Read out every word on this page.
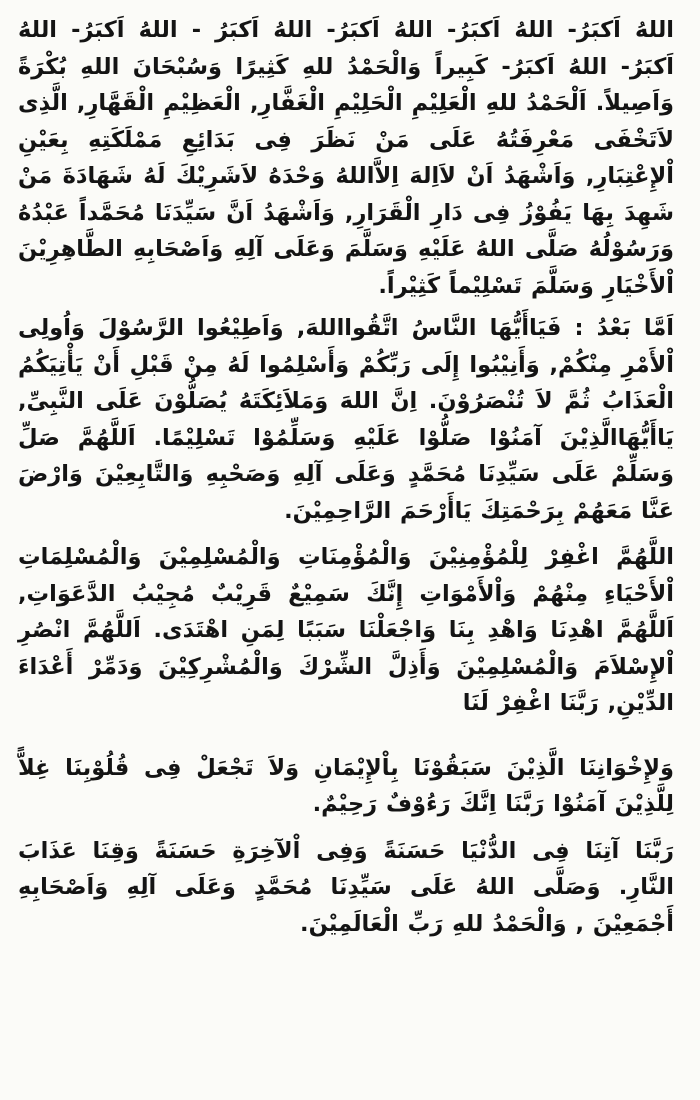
اللهُ اَكبَرُ- اللهُ اَكبَرُ- اللهُ اَكبَرُ- اللهُ اَكبَرُ - اللهُ اَكبَرُ- اللهُ اَكبَرُ- اللهُ اَكبَرُ- كَبِيراً وَالْحَمْدُ للهِ كَثِيرًا وَسُبْحَانَ اللهِ بُكْرَةً وَاَصِيلاً. اَلْحَمْدُ للهِ الْعَلِيْمِ الْحَلِيْمِ الْغَفَّارِ, الْعَظِيْمِ الْقَهَّارِ, الَّذِى لاَتَخْفَى مَعْرِفَتُهُ عَلَى مَنْ نَظَرَ فِى بَدَائِعِ مَمْلَكَتِهِ بِعَيْنِ اْلإِعْتِبَارِ, وَاَشْهَدُ اَنْ لاَاِلهَ اِلاَّاللهُ وَحْدَهُ لاَشَرِيْكَ لَهُ شَهَادَةَ مَنْ شَهِدَ بِهَا يَفُوْزُ فِى دَارِ الْقَرَارِ, وَاَشْهَدُ اَنَّ سَيِّدَنَا مُحَمَّداً عَبْدُهُ وَرَسُوْلُهُ صَلَّى اللهُ عَلَيْهِ وَسَلَّمَ وَعَلَى آلِهِ وَاَصْحَابِهِ الطَّاهِرِيْنَ اْلأَخْيَارِ وَسَلَّمَ تَسْلِيْماً كَثِيْراً.

اَمَّا بَعْدُ : فَيَاأَيُّهَا النَّاسُ اتَّقُوااللهَ, وَاَطِيْعُوا الرَّسُوْلَ وَاُولِى اْلأَمْرِ مِنْكُمْ, وَأَنِيْبُوا إِلَى رَبِّكُمْ وَأَسْلِمُوا لَهُ مِنْ قَبْلِ أَنْ يَأْتِيَكُمُ الْعَذَابُ ثُمَّ لاَ تُنْصَرُوْنَ. اِنَّ اللهَ وَمَلاَئِكَتَهُ يُصَلُّوْنَ عَلَى النَّبِىِّ, يَاأَيُّهَاالَّذِيْنَ آمَنُوْا صَلُّوْا عَلَيْهِ وَسَلِّمُوْا تَسْلِيْمًا. اَللَّهُمَّ صَلِّ وَسَلِّمْ عَلَى سَيِّدِنَا مُحَمَّدٍ وَعَلَى آلِهِ وَصَحْبِهِ وَالتَّابِعِيْنَ وَارْضَ عَنَّا مَعَهُمْ بِرَحْمَتِكَ يَاأَرْحَمَ الرَّاحِمِيْنَ.

اللَّهُمَّ اغْفِرْ لِلْمُؤْمِنِيْنَ وَالْمُؤْمِنَاتِ وَالْمُسْلِمِيْنَ وَالْمُسْلِمَاتِ اْلأَحْيَاءِ مِنْهُمْ وَاْلأَمْوَاتِ إِنَّكَ سَمِيْعٌ قَرِيْبٌ مُجِيْبُ الدَّعَوَاتِ, اَللَّهُمَّ اهْدِنَا وَاهْدِ بِنَا وَاجْعَلْنَا سَبَبًا لِمَنِ اهْتَدَى. اَللَّهُمَّ انْصُرِ اْلإِسْلاَمَ وَالْمُسْلِمِيْنَ وَأَذِلَّ الشِّرْكَ وَالْمُشْرِكِيْنَ وَدَمِّرْ أَعْدَاءَ الدِّيْنِ, رَبَّنَا اغْفِرْ لَنَا

وَلإِخْوَانِنَا الَّذِيْنَ سَبَقُوْنَا بِاْلإِيْمَانِ وَلاَ تَجْعَلْ فِى قُلُوْبِنَا غِلاًّ لِلَّذِيْنَ آمَنُوْا رَبَّنَا اِنَّكَ رَءُوْفٌ رَحِيْمٌ.

رَبَّنَا آتِنَا فِى الدُّنْيَا حَسَنَةً وَفِى اْلآخِرَةِ حَسَنَةً وَقِنَا عَذَابَ النَّارِ. وَصَلَّى اللهُ عَلَى سَيِّدِنَا مُحَمَّدٍ وَعَلَى آلِهِ وَاَصْحَابِهِ أَجْمَعِيْنَ , وَالْحَمْدُ للهِ رَبِّ الْعَالَمِيْنَ.
